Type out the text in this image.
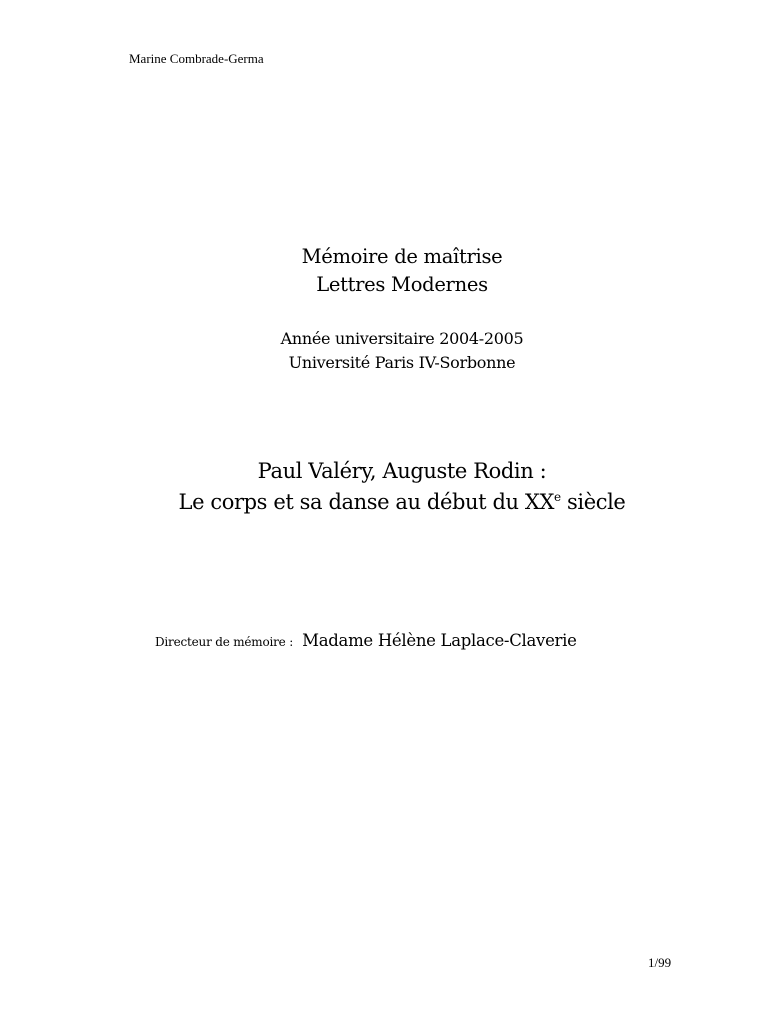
Marine Combrade-Germa
Mémoire de maîtrise
Lettres Modernes
Année universitaire 2004-2005
Université Paris IV-Sorbonne
Paul Valéry, Auguste Rodin :
Le corps et sa danse au début du XXe siècle
Directeur de mémoire : Madame Hélène Laplace-Claverie
1/99
